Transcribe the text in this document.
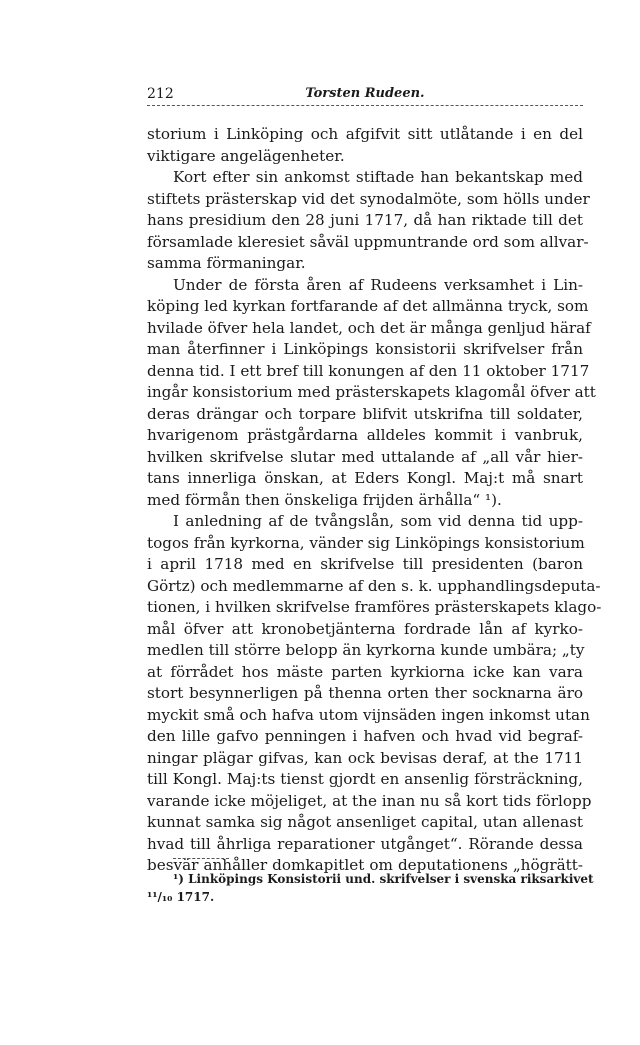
212	Torsten Rudeen.
storium i Linköping och afgifvit sitt utlåtande i en del
viktigare angelägenheter.
Kort efter sin ankomst stiftade han bekantskap med
stiftets prästerskap vid det synodalmöte, som hölls under
hans presidium den 28 juni 1717, då han riktade till det
församlade kleresiet såväl uppmuntrande ord som allvar-
samma förmaningar.
Under de första åren af Rudeens verksamhet i Lin-
köping led kyrkan fortfarande af det allmänna tryck, som
hvilade öfver hela landet, och det är många genljud häraf
man återfinner i Linköpings konsistorii skrifvelser från
denna tid. I ett bref till konungen af den 11 oktober 1717
ingår konsistorium med prästerskapets klagomål öfver att
deras drängar och torpare blifvit utskrifna till soldater,
hvarigenom prästgårdarna alldeles kommit i vanbruk,
hvilken skrifvelse slutar med uttalande af „all vår hier-
tans innerliga önskan, at Eders Kongl. Maj:t må snart
med förmån then önskeliga frijden ärhålla“ ¹).
I anledning af de tvångslån, som vid denna tid upp-
togos från kyrkorna, vänder sig Linköpings konsistorium
i april 1718 med en skrifvelse till presidenten (baron
Görtz) och medlemmarne af den s. k. upphandlingsdeputa-
tionen, i hvilken skrifvelse framföres prästerskapets klago-
mål öfver att kronobetjänterna fordrade lån af kyrko-
medlen till större belopp än kyrkorna kunde umbära; „ty
at förrådet hos mäste parten kyrkiorna icke kan vara
stort besynnerligen på thenna orten ther socknarna äro
myckit små och hafva utom vijnsäden ingen inkomst utan
den lille gafvo penningen i hafven och hvad vid begraf-
ningar plägar gifvas, kan ock bevisas deraf, at the 1711
till Kongl. Maj:ts tienst gjordt en ansenlig försträckning,
varande icke möjeliget, at the inan nu så kort tids förlopp
kunnat samka sig något ansenliget capital, utan allenast
hvad till åhrliga reparationer utgånget“. Rörande dessa
besvär anhåller domkapitlet om deputationens „högrätt-
¹) Linköpings Konsistorii und. skrifvelser i svenska riksarkivet
¹¹/₁₀ 1717.
